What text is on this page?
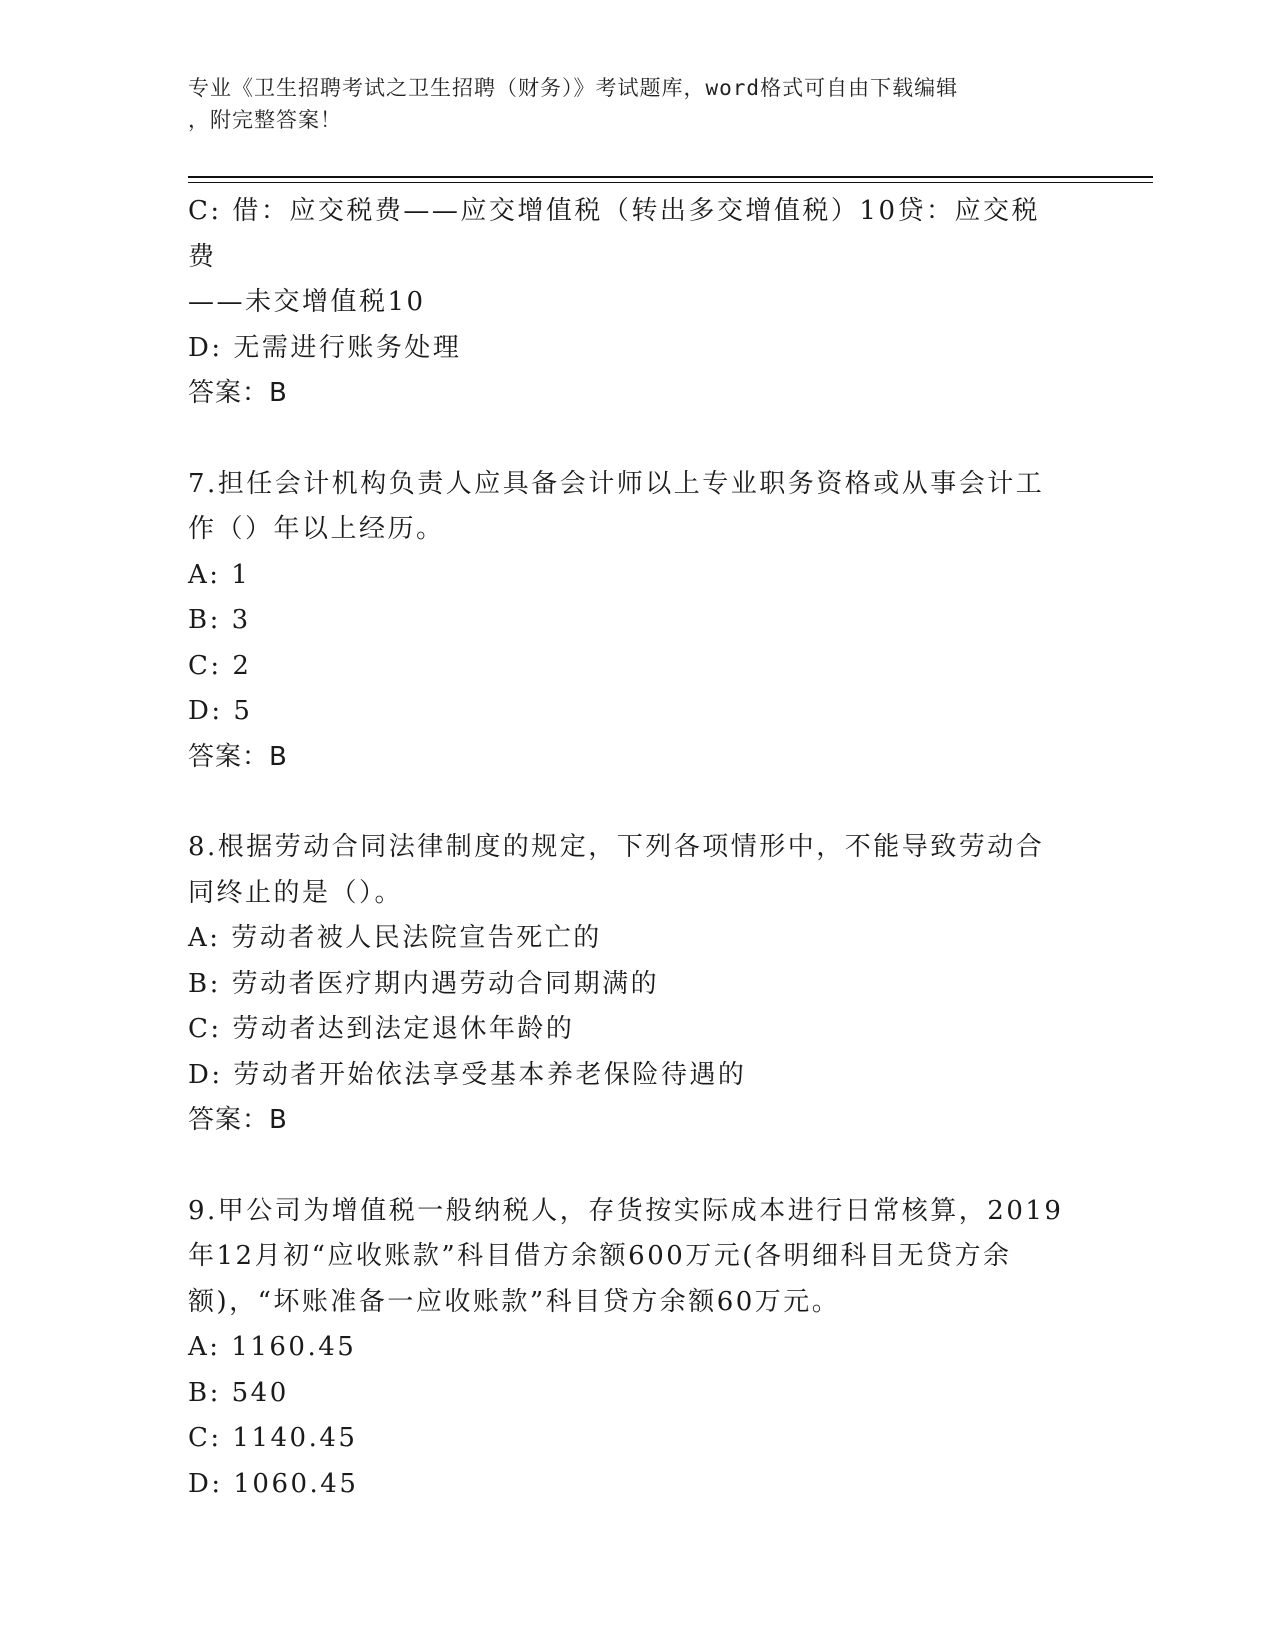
专业《卫生招聘考试之卫生招聘（财务）》考试题库，word格式可自由下载编辑
，附完整答案！

C: 借：应交税费——应交增值税（转出多交增值税）10贷：应交税费

——未交增值税10

D: 无需进行账务处理

答案：B

7.担任会计机构负责人应具备会计师以上专业职务资格或从事会计工

作（）年以上经历。

A: 1

B: 3

C: 2

D: 5

答案：B

8.根据劳动合同法律制度的规定，下列各项情形中，不能导致劳动合

同终止的是（）。

A: 劳动者被人民法院宣告死亡的

B: 劳动者医疗期内遇劳动合同期满的

C: 劳动者达到法定退休年龄的

D: 劳动者开始依法享受基本养老保险待遇的

答案：B

9.甲公司为增值税一般纳税人，存货按实际成本进行日常核算，2019

年12月初“应收账款”科目借方余额600万元(各明细科目无贷方余

额)，“坏账准备一应收账款”科目贷方余额60万元。

A: 1160.45

B: 540

C: 1140.45

D: 1060.45
